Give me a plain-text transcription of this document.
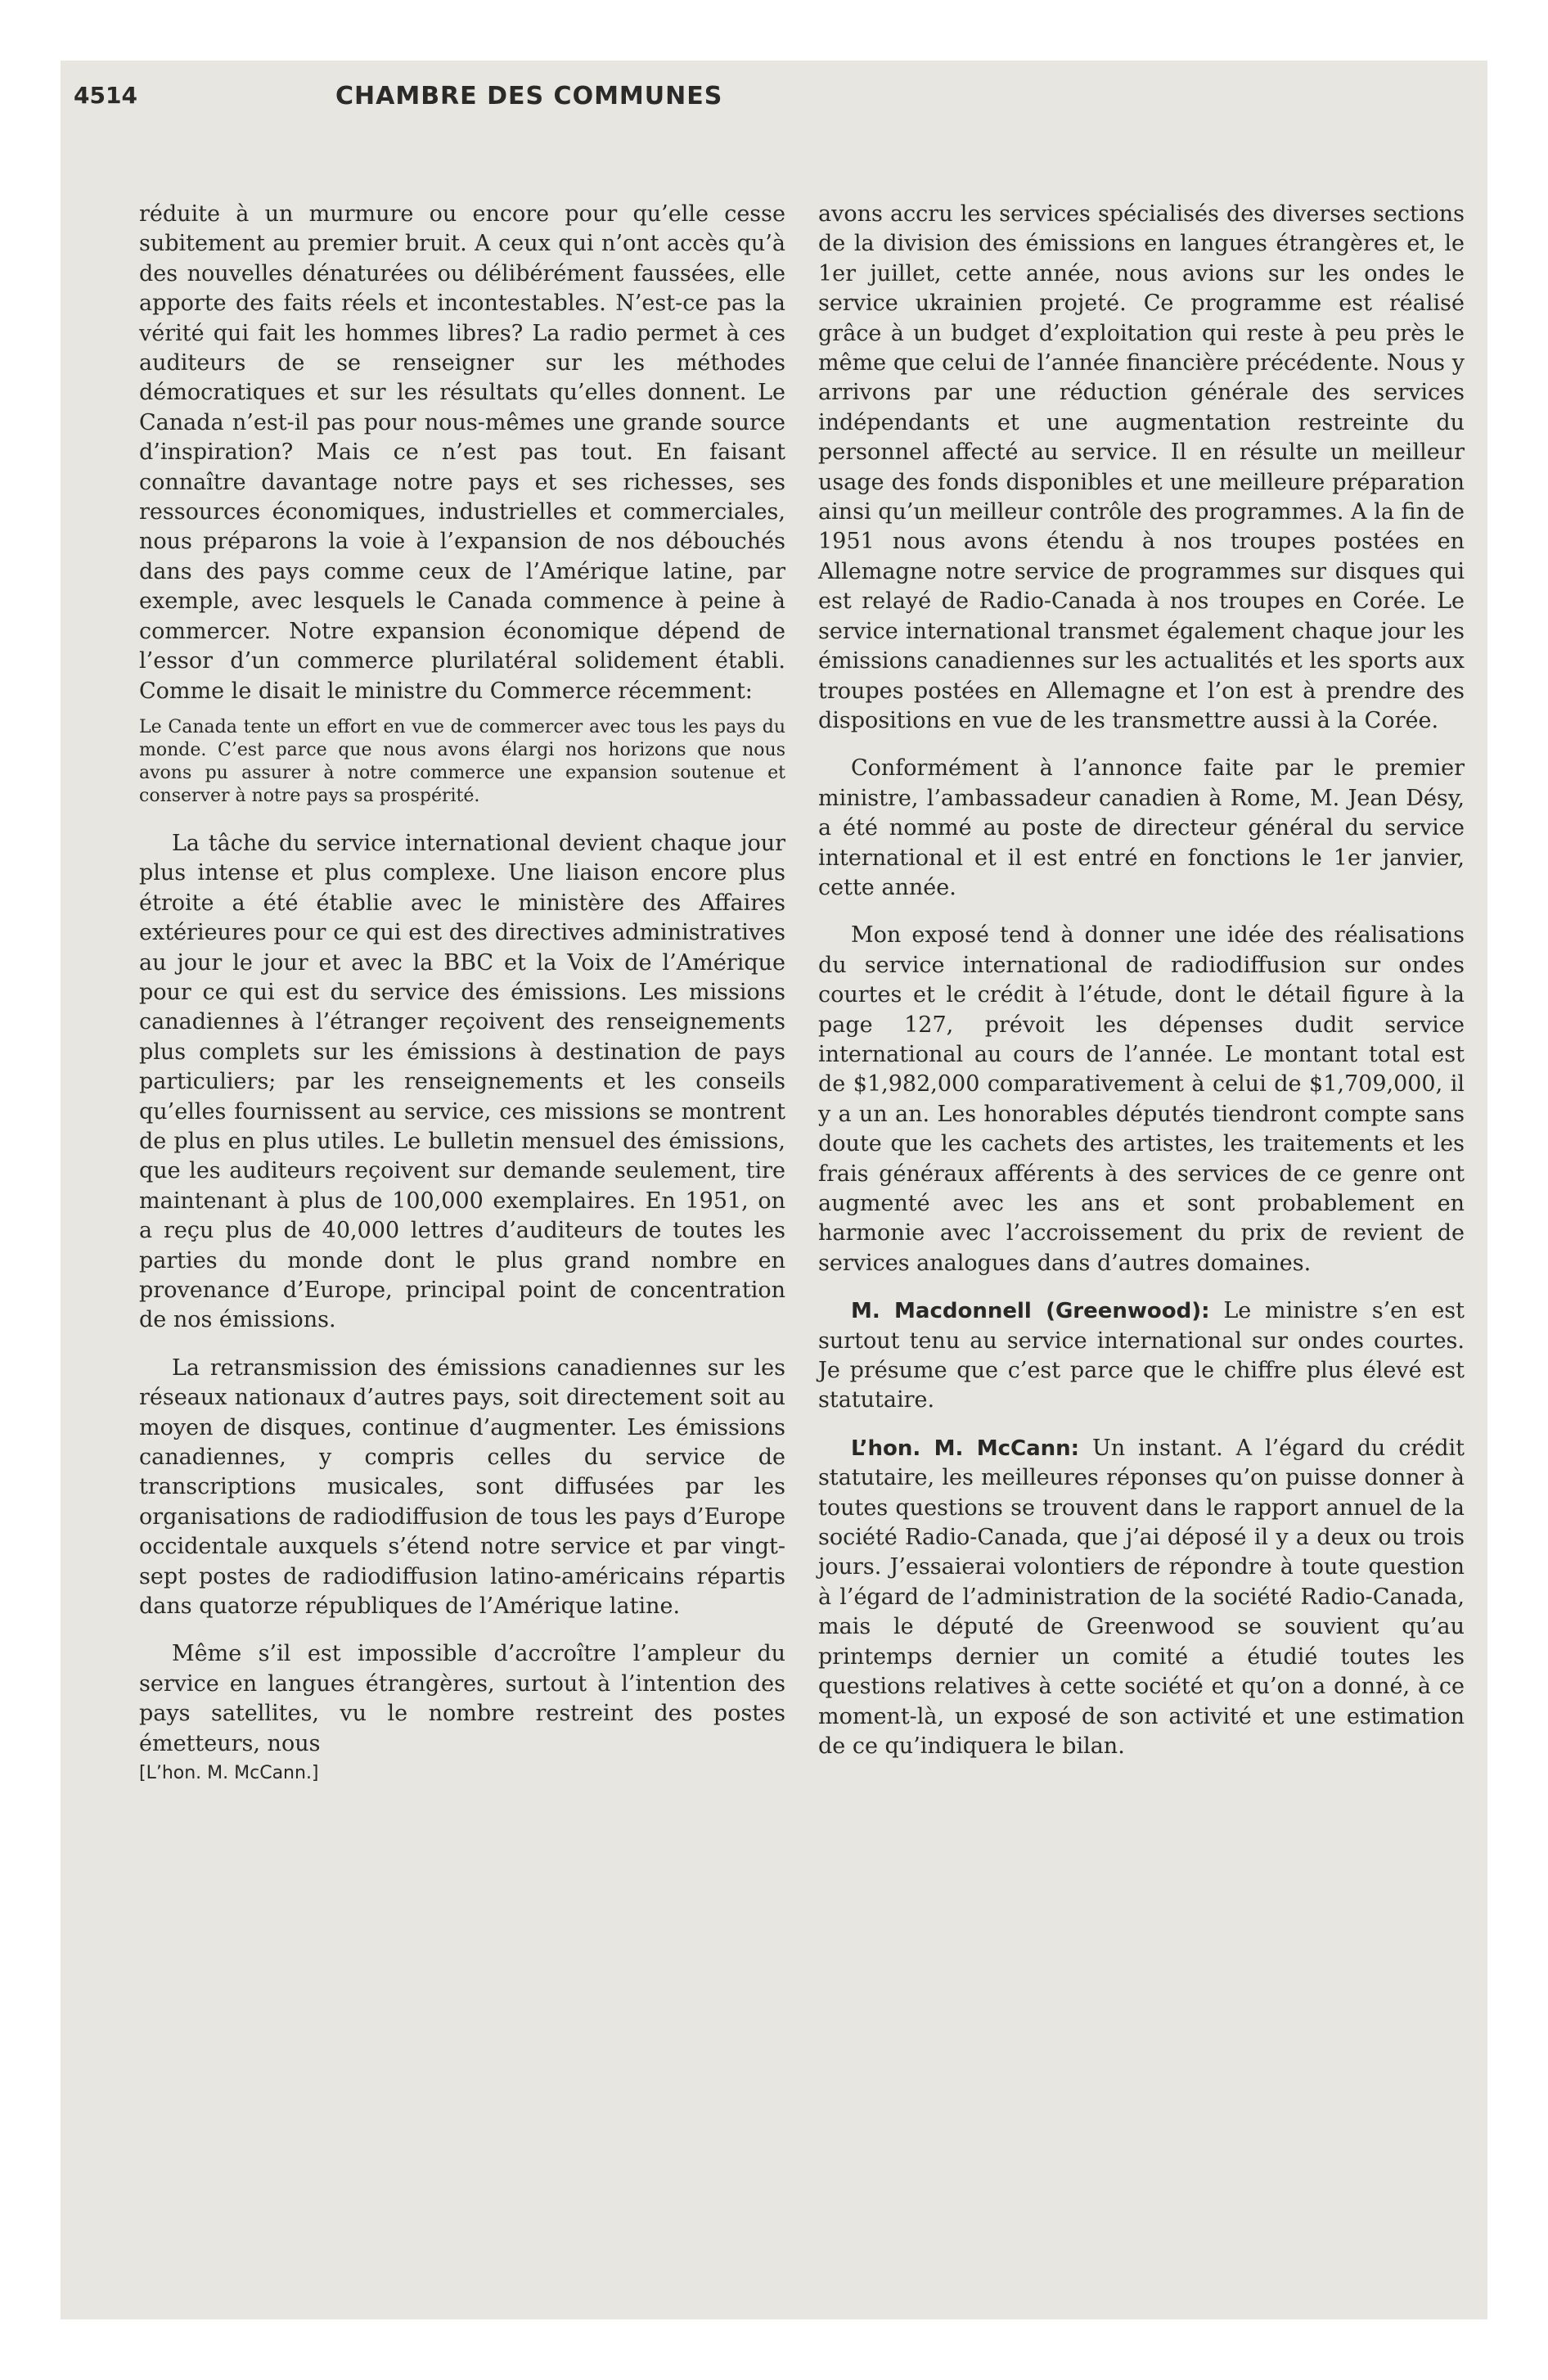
4514	CHAMBRE DES COMMUNES

réduite à un murmure ou encore pour qu’elle cesse subitement au premier bruit. A ceux qui n’ont accès qu’à des nouvelles dénaturées ou délibérément faussées, elle apporte des faits réels et incontestables. N’est-ce pas la vérité qui fait les hommes libres? La radio permet à ces auditeurs de se renseigner sur les méthodes démocratiques et sur les résultats qu’elles donnent. Le Canada n’est-il pas pour nous-mêmes une grande source d’inspiration? Mais ce n’est pas tout. En faisant connaître davantage notre pays et ses richesses, ses ressources économiques, industrielles et commerciales, nous préparons la voie à l’expansion de nos débouchés dans des pays comme ceux de l’Amérique latine, par exemple, avec lesquels le Canada commence à peine à commercer. Notre expansion économique dépend de l’essor d’un commerce plurilatéral solidement établi. Comme le disait le ministre du Commerce récemment:

Le Canada tente un effort en vue de commercer avec tous les pays du monde. C’est parce que nous avons élargi nos horizons que nous avons pu assurer à notre commerce une expansion soutenue et conserver à notre pays sa prospérité.

La tâche du service international devient chaque jour plus intense et plus complexe. Une liaison encore plus étroite a été établie avec le ministère des Affaires extérieures pour ce qui est des directives administratives au jour le jour et avec la BBC et la Voix de l’Amérique pour ce qui est du service des émissions. Les missions canadiennes à l’étranger reçoivent des renseignements plus complets sur les émissions à destination de pays particuliers; par les renseignements et les conseils qu’elles fournissent au service, ces missions se montrent de plus en plus utiles. Le bulletin mensuel des émissions, que les auditeurs reçoivent sur demande seulement, tire maintenant à plus de 100,000 exemplaires. En 1951, on a reçu plus de 40,000 lettres d’auditeurs de toutes les parties du monde dont le plus grand nombre en provenance d’Europe, principal point de concentration de nos émissions.

La retransmission des émissions canadiennes sur les réseaux nationaux d’autres pays, soit directement soit au moyen de disques, continue d’augmenter. Les émissions canadiennes, y compris celles du service de transcriptions musicales, sont diffusées par les organisations de radiodiffusion de tous les pays d’Europe occidentale auxquels s’étend notre service et par vingt-sept postes de radiodiffusion latino-américains répartis dans quatorze républiques de l’Amérique latine.

Même s’il est impossible d’accroître l’ampleur du service en langues étrangères, surtout à l’intention des pays satellites, vu le nombre restreint des postes émetteurs, nous

[L’hon. M. McCann.]

avons accru les services spécialisés des diverses sections de la division des émissions en langues étrangères et, le 1er juillet, cette année, nous avions sur les ondes le service ukrainien projeté. Ce programme est réalisé grâce à un budget d’exploitation qui reste à peu près le même que celui de l’année financière précédente. Nous y arrivons par une réduction générale des services indépendants et une augmentation restreinte du personnel affecté au service. Il en résulte un meilleur usage des fonds disponibles et une meilleure préparation ainsi qu’un meilleur contrôle des programmes. A la fin de 1951 nous avons étendu à nos troupes postées en Allemagne notre service de programmes sur disques qui est relayé de Radio-Canada à nos troupes en Corée. Le service international transmet également chaque jour les émissions canadiennes sur les actualités et les sports aux troupes postées en Allemagne et l’on est à prendre des dispositions en vue de les transmettre aussi à la Corée.

Conformément à l’annonce faite par le premier ministre, l’ambassadeur canadien à Rome, M. Jean Désy, a été nommé au poste de directeur général du service international et il est entré en fonctions le 1er janvier, cette année.

Mon exposé tend à donner une idée des réalisations du service international de radiodiffusion sur ondes courtes et le crédit à l’étude, dont le détail figure à la page 127, prévoit les dépenses dudit service international au cours de l’année. Le montant total est de $1,982,000 comparativement à celui de $1,709,000, il y a un an. Les honorables députés tiendront compte sans doute que les cachets des artistes, les traitements et les frais généraux afférents à des services de ce genre ont augmenté avec les ans et sont probablement en harmonie avec l’accroissement du prix de revient de services analogues dans d’autres domaines.

M. Macdonnell (Greenwood): Le ministre s’en est surtout tenu au service international sur ondes courtes. Je présume que c’est parce que le chiffre plus élevé est statutaire.

L’hon. M. McCann: Un instant. A l’égard du crédit statutaire, les meilleures réponses qu’on puisse donner à toutes questions se trouvent dans le rapport annuel de la société Radio-Canada, que j’ai déposé il y a deux ou trois jours. J’essaierai volontiers de répondre à toute question à l’égard de l’administration de la société Radio-Canada, mais le député de Greenwood se souvient qu’au printemps dernier un comité a étudié toutes les questions relatives à cette société et qu’on a donné, à ce moment-là, un exposé de son activité et une estimation de ce qu’indiquera le bilan.
